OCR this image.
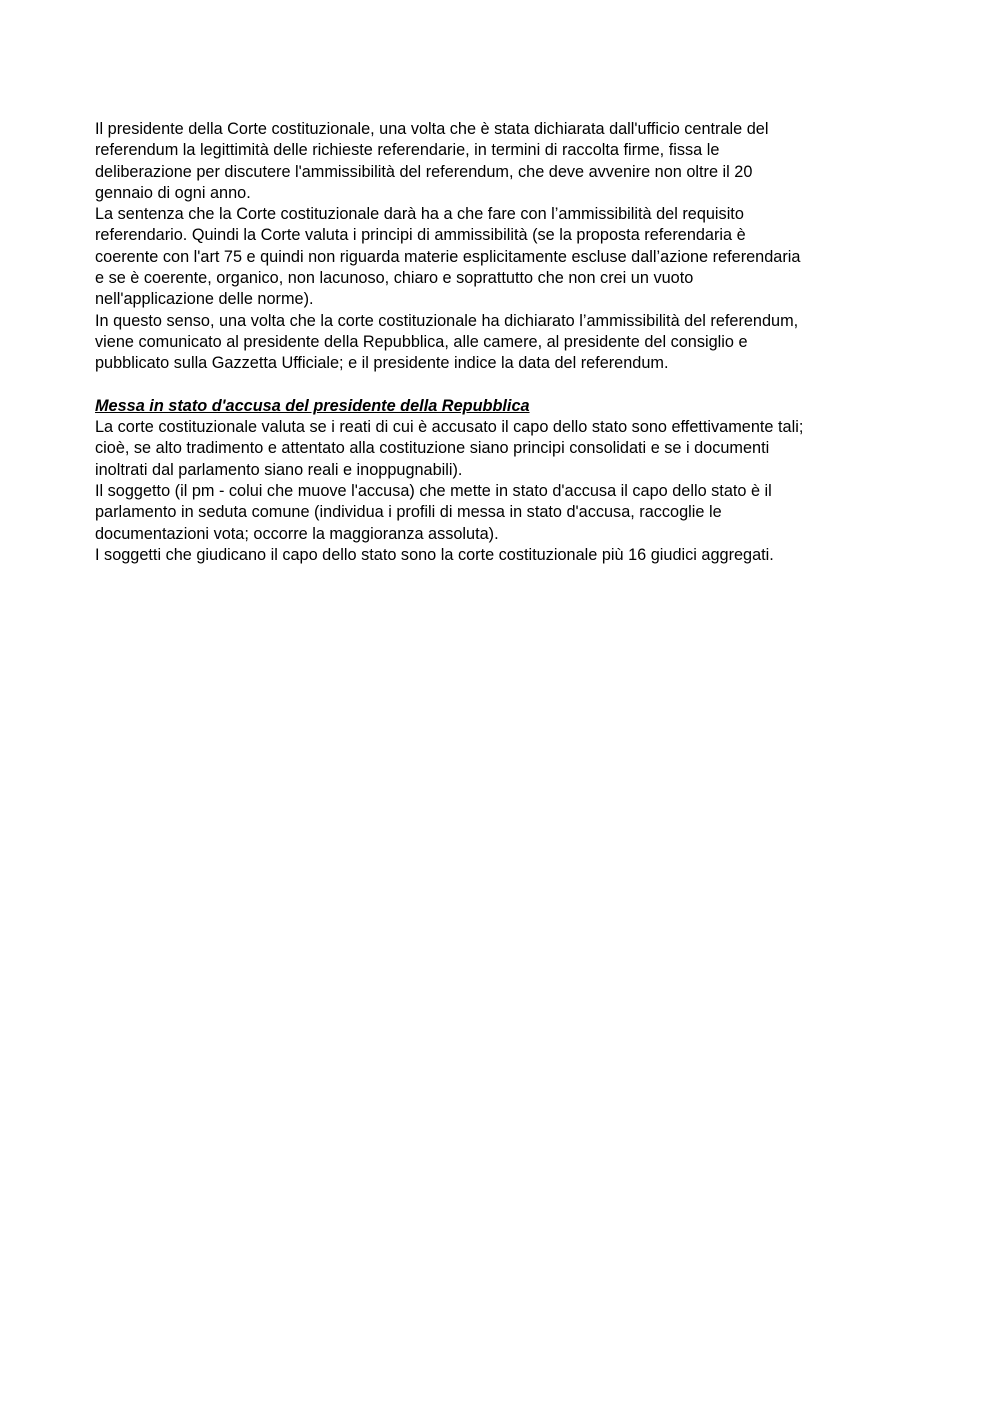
Il presidente della Corte costituzionale, una volta che è stata dichiarata dall'ufficio centrale del
referendum la legittimità delle richieste referendarie, in termini di raccolta firme, fissa le
deliberazione per discutere l'ammissibilità del referendum, che deve avvenire non oltre il 20
gennaio di ogni anno.

La sentenza che la Corte costituzionale darà ha a che fare con l’ammissibilità del requisito
referendario. Quindi la Corte valuta i principi di ammissibilità (se la proposta referendaria è
coerente con l'art 75 e quindi non riguarda materie esplicitamente escluse dall’azione referendaria
e se è coerente, organico, non lacunoso, chiaro e soprattutto che non crei un vuoto
nell'applicazione delle norme).

In questo senso, una volta che la corte costituzionale ha dichiarato l’ammissibilità del referendum,
viene comunicato al presidente della Repubblica, alle camere, al presidente del consiglio e
pubblicato sulla Gazzetta Ufficiale; e il presidente indice la data del referendum.

Messa in stato d'accusa del presidente della Repubblica

La corte costituzionale valuta se i reati di cui è accusato il capo dello stato sono effettivamente tali;
cioè, se alto tradimento e attentato alla costituzione siano principi consolidati e se i documenti
inoltrati dal parlamento siano reali e inoppugnabili).

Il soggetto (il pm - colui che muove l'accusa) che mette in stato d'accusa il capo dello stato è il
parlamento in seduta comune (individua i profili di messa in stato d'accusa, raccoglie le
documentazioni vota; occorre la maggioranza assoluta).

I soggetti che giudicano il capo dello stato sono la corte costituzionale più 16 giudici aggregati.
